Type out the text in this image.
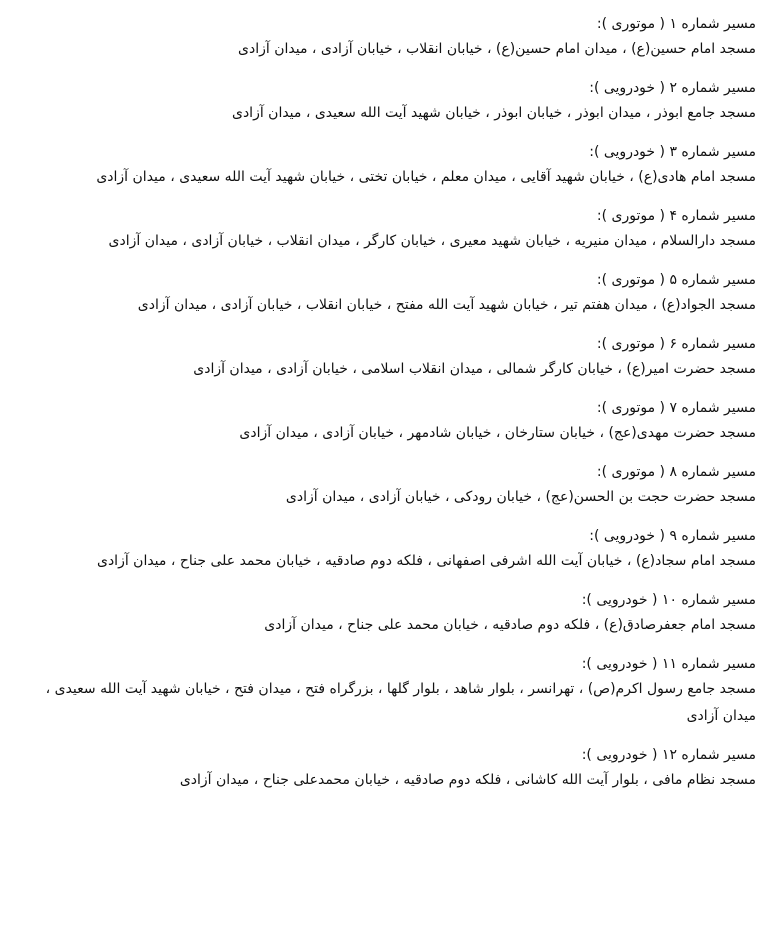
مسیر شماره ۱ ( موتوری ):
مسجد امام حسین(ع) ، میدان امام حسین(ع) ، خیابان انقلاب ، خیابان آزادی ، میدان آزادی
مسیر شماره ۲ ( خودرویی ):
مسجد جامع ابوذر ، میدان ابوذر ، خیابان ابوذر ، خیابان شهید آیت الله سعیدی ، میدان آزادی
مسیر شماره ۳ ( خودرویی ):
مسجد امام هادی(ع) ، خیابان شهید آقایی ، میدان معلم ، خیابان تختی ، خیابان شهید آیت الله سعیدی ، میدان آزادی
مسیر شماره ۴ ( موتوری ):
مسجد دارالسلام ، میدان منیریه ، خیابان شهید معیری ، خیابان کارگر ، میدان انقلاب ، خیابان آزادی ، میدان آزادی
مسیر شماره ۵ ( موتوری ):
مسجد الجواد(ع) ، میدان هفتم تیر ، خیابان شهید آیت الله مفتح ، خیابان انقلاب ، خیابان آزادی ، میدان آزادی
مسیر شماره ۶ ( موتوری ):
مسجد حضرت امیر(ع) ، خیابان کارگر شمالی ، میدان انقلاب اسلامی ، خیابان آزادی ، میدان آزادی
مسیر شماره ۷ ( موتوری ):
مسجد حضرت مهدی(عج) ، خیابان ستارخان ، خیابان شادمهر ، خیابان آزادی ، میدان آزادی
مسیر شماره ۸ ( موتوری ):
مسجد حضرت حجت بن الحسن(عج) ، خیابان رودکی ، خیابان آزادی ، میدان آزادی
مسیر شماره ۹ ( خودرویی ):
مسجد امام سجاد(ع) ، خیابان آیت الله اشرفی اصفهانی ، فلکه دوم صادقیه ، خیابان محمد علی جناح ، میدان آزادی
مسیر شماره ۱۰ ( خودرویی ):
مسجد امام جعفرصادق(ع) ، فلکه دوم صادقیه ، خیابان محمد علی جناح ، میدان آزادی
مسیر شماره ۱۱ ( خودرویی ):
مسجد جامع رسول اکرم(ص) ، تهرانسر ، بلوار شاهد ، بلوار گلها ، بزرگراه فتح ، میدان فتح ، خیابان شهید آیت الله سعیدی ، میدان آزادی
مسیر شماره ۱۲ ( خودرویی ):
مسجد نظام مافی ، بلوار آیت الله کاشانی ، فلکه دوم صادقیه ، خیابان محمدعلی جناح ، میدان آزادی
